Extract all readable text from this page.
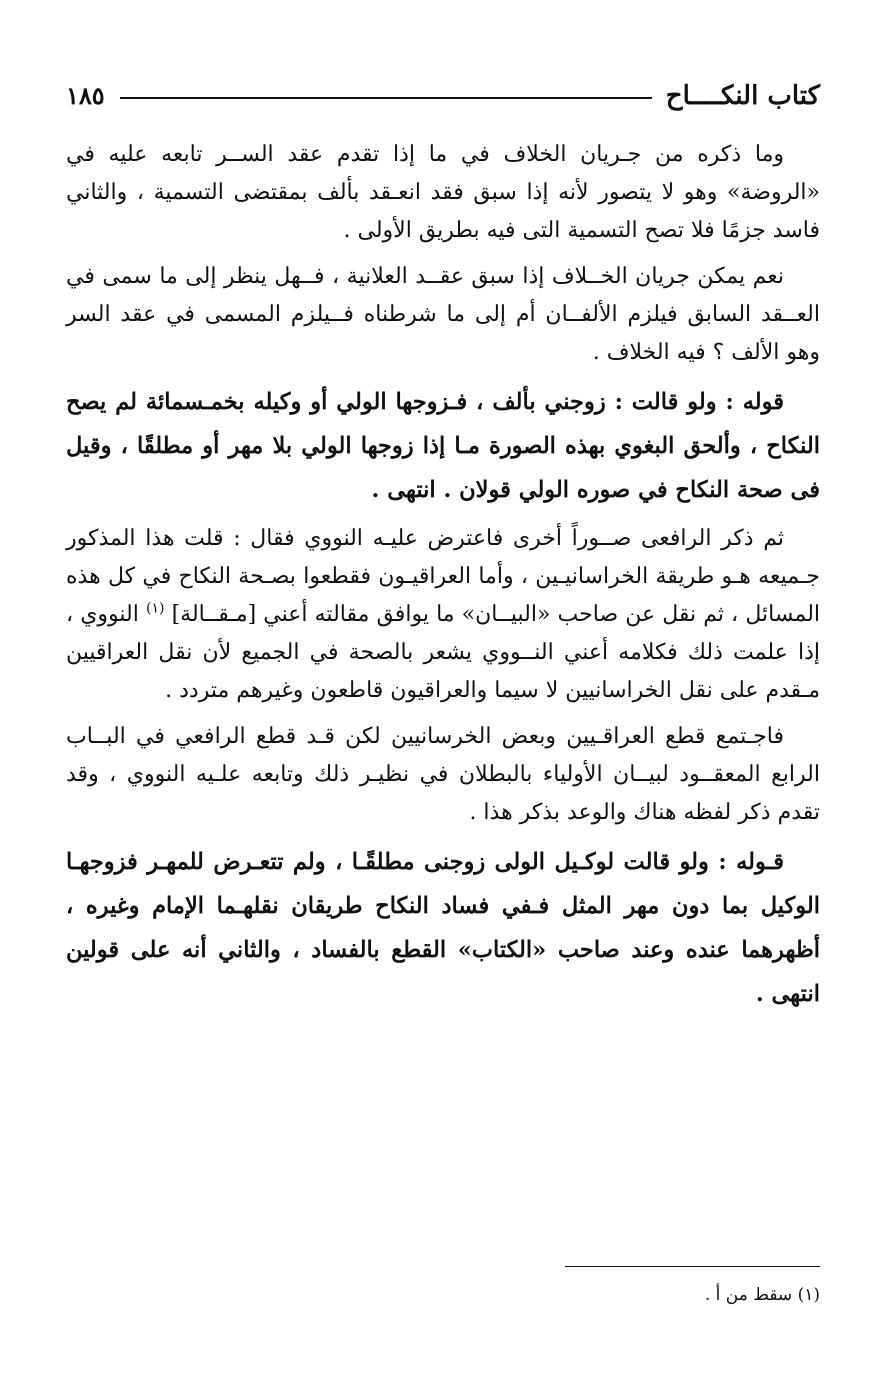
كتاب النكــــاح
١٨٥

وما ذكره من جـريان الخلاف في ما إذا تقدم عقد الســر تابعه عليه في «الروضة» وهو لا يتصور لأنه إذا سبق فقد انعـقد بألف بمقتضى التسمية ، والثاني فاسد جزمًا فلا تصح التسمية التى فيه بطريق الأولى .

نعم يمكن جريان الخــلاف إذا سبق عقــد العلانية ، فــهل ينظر إلى ما سمى في العــقد السابق فيلزم الألفــان أم إلى ما شرطناه فــيلزم المسمى في عقد السر وهو الألف ؟ فيه الخلاف .

قوله : ولو قالت : زوجني بألف ، فـزوجها الولي أو وكيله بخمـسمائة لم يصح النكاح ، وألحق البغوي بهذه الصورة مـا إذا زوجها الولي بلا مهر أو مطلقًا ، وقيل فى صحة النكاح في صوره الولي قولان . انتهى .

ثم ذكر الرافعى صــوراً أخرى فاعترض عليـه النووي فقال : قلت هذا المذكور جـميعه هـو طريقة الخراسانيـين ، وأما العراقيـون فقطعوا بصـحة النكاح في كل هذه المسائل ، ثم نقل عن صاحب «البيــان» ما يوافق مقالته أعني [مـقــالة] $^{(١)}$ النووي ، إذا علمت ذلك فكلامه أعني النــووي يشعر بالصحة في الجميع لأن نقل العراقيين مـقدم على نقل الخراسانيين لا سيما والعراقيون قاطعون وغيرهم متردد .

فاجـتمع قطع العراقـيين وبعض الخرسانيين لكن قـد قطع الرافعي في البــاب الرابع المعقــود لبيــان الأولياء بالبطلان في نظيـر ذلك وتابعه علـيه النووي ، وقد تقدم ذكر لفظه هناك والوعد بذكر هذا .

قـوله : ولو قالت لوكـيل الولى زوجنى مطلقًـا ، ولم تتعـرض للمهـر فزوجهـا الوكيل بما دون مهر المثل فـفي فساد النكاح طريقان نقلهـما الإمام وغيره ، أظهرهما عنده وعند صاحب «الكتاب» القطع بالفساد ، والثاني أنه على قولين انتهى .

(١) سقط من أ .
